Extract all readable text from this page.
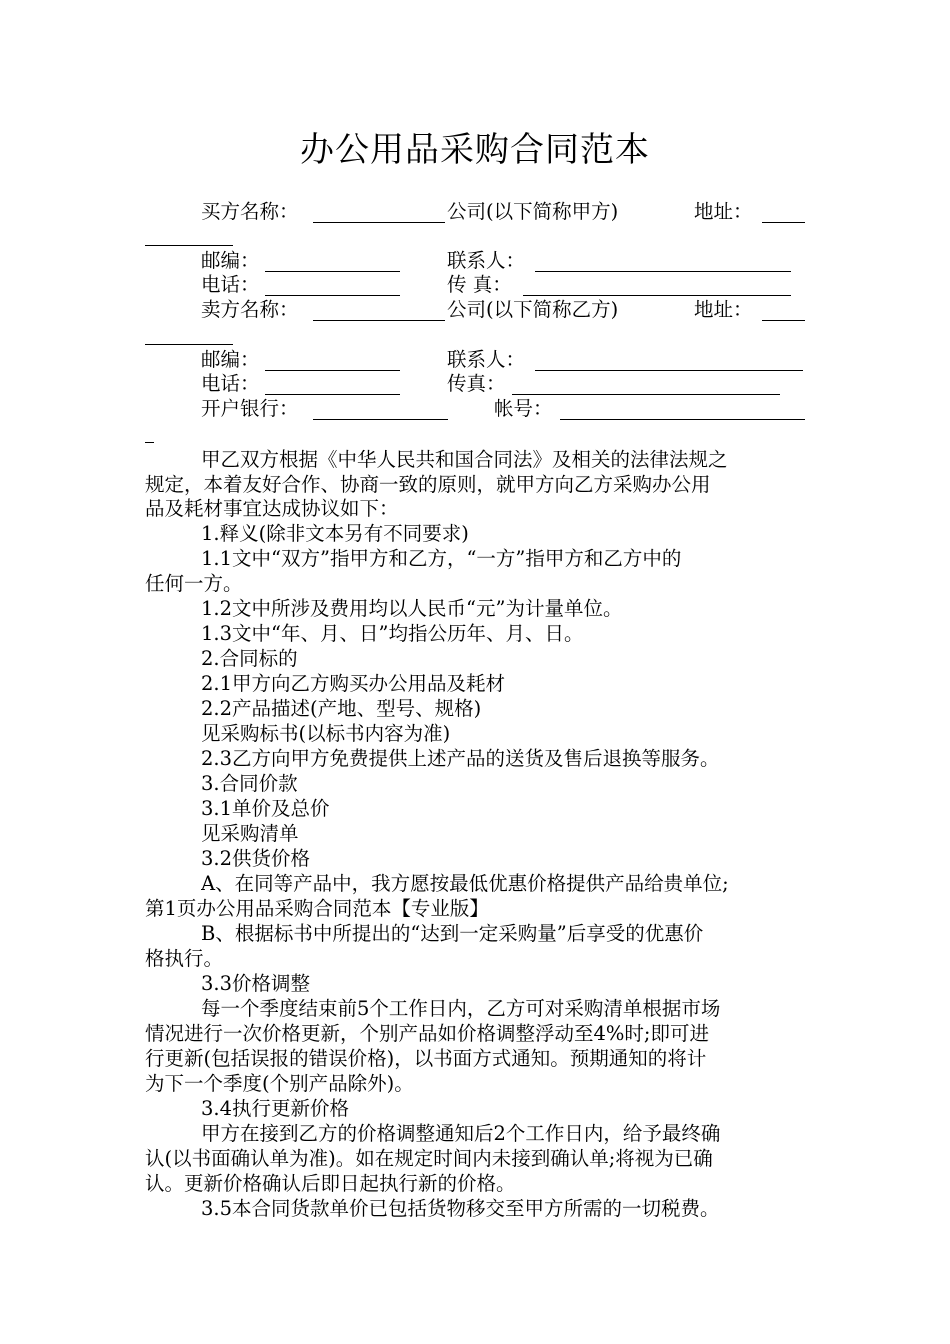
办公用品采购合同范本
买方名称：	公司(以下简称甲方)	地址：
邮编：	联系人：
电话：	传 真：
卖方名称：	公司(以下简称乙方)	地址：
邮编：	联系人：
电话：	传真：
开户银行：	帐号：
甲乙双方根据《中华人民共和国合同法》及相关的法律法规之
规定，本着友好合作、协商一致的原则，就甲方向乙方采购办公用
品及耗材事宜达成协议如下：
1.释义(除非文本另有不同要求)
1.1文中“双方”指甲方和乙方，“一方”指甲方和乙方中的
任何一方。
1.2文中所涉及费用均以人民币“元”为计量单位。
1.3文中“年、月、日”均指公历年、月、日。
2.合同标的
2.1甲方向乙方购买办公用品及耗材
2.2产品描述(产地、型号、规格)
见采购标书(以标书内容为准)
2.3乙方向甲方免费提供上述产品的送货及售后退换等服务。
3.合同价款
3.1单价及总价
见采购清单
3.2供货价格
A、在同等产品中，我方愿按最低优惠价格提供产品给贵单位;
第1页办公用品采购合同范本【专业版】
B、根据标书中所提出的“达到一定采购量”后享受的优惠价
格执行。
3.3价格调整
每一个季度结束前5个工作日内，乙方可对采购清单根据市场
情况进行一次价格更新，个别产品如价格调整浮动至4%时;即可进
行更新(包括误报的错误价格)，以书面方式通知。预期通知的将计
为下一个季度(个别产品除外)。
3.4执行更新价格
甲方在接到乙方的价格调整通知后2个工作日内，给予最终确
认(以书面确认单为准)。如在规定时间内未接到确认单;将视为已确
认。更新价格确认后即日起执行新的价格。
3.5本合同货款单价已包括货物移交至甲方所需的一切税费。
